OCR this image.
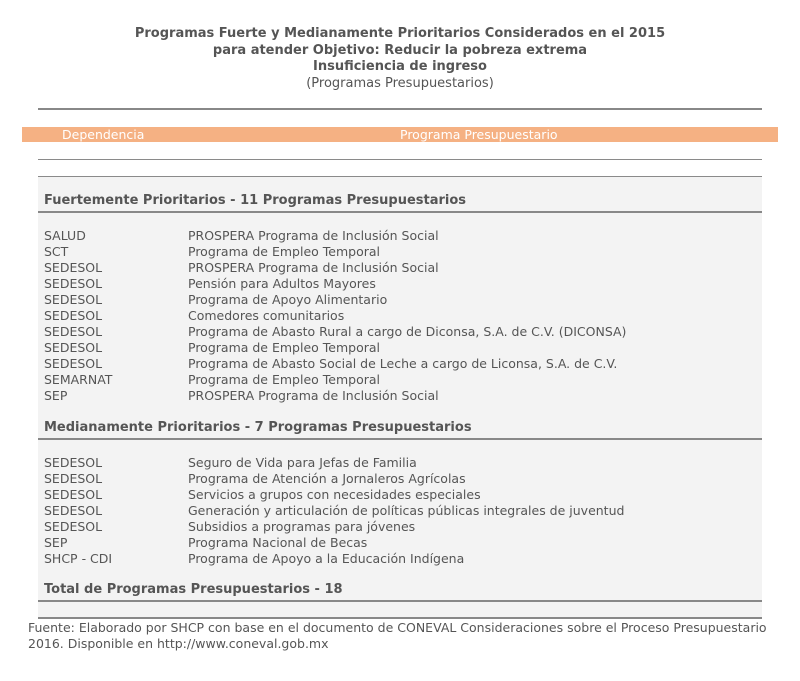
Programas Fuerte y Medianamente Prioritarios Considerados en el 2015
para atender Objetivo: Reducir la pobreza extrema
Insuficiencia de ingreso
(Programas Presupuestarios)
Dependencia	Programa Presupuestario
Fuertemente Prioritarios - 11 Programas Presupuestarios
SALUD	PROSPERA Programa de Inclusión Social
SCT	Programa de Empleo Temporal
SEDESOL	PROSPERA Programa de Inclusión Social
SEDESOL	Pensión para Adultos Mayores
SEDESOL	Programa de Apoyo Alimentario
SEDESOL	Comedores comunitarios
SEDESOL	Programa de Abasto Rural a cargo de Diconsa, S.A. de C.V. (DICONSA)
SEDESOL	Programa de Empleo Temporal
SEDESOL	Programa de Abasto Social de Leche a cargo de Liconsa, S.A. de C.V.
SEMARNAT	Programa de Empleo Temporal
SEP	PROSPERA Programa de Inclusión Social
Medianamente Prioritarios - 7 Programas Presupuestarios
SEDESOL	Seguro de Vida para Jefas de Familia
SEDESOL	Programa de Atención a Jornaleros Agrícolas
SEDESOL	Servicios a grupos con necesidades especiales
SEDESOL	Generación y articulación de políticas públicas integrales de juventud
SEDESOL	Subsidios a programas para jóvenes
SEP	Programa Nacional de Becas
SHCP - CDI	Programa de Apoyo a la Educación Indígena
Total de Programas Presupuestarios - 18
Fuente: Elaborado por SHCP con base en el documento de CONEVAL Consideraciones sobre el Proceso Presupuestario
2016. Disponible en http://www.coneval.gob.mx
